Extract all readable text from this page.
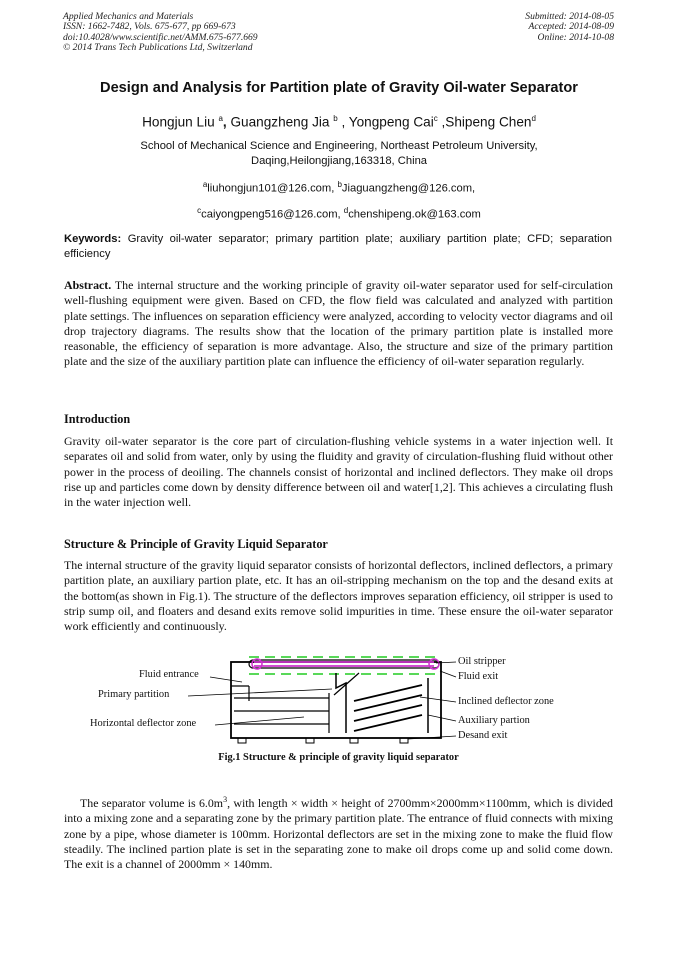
Applied Mechanics and Materials
ISSN: 1662-7482, Vols. 675-677, pp 669-673
doi:10.4028/www.scientific.net/AMM.675-677.669
© 2014 Trans Tech Publications Ltd, Switzerland
Submitted: 2014-08-05
Accepted: 2014-08-09
Online: 2014-10-08
Design and Analysis for Partition plate of Gravity Oil-water Separator
Hongjun Liu $^a$, Guangzheng Jia $^b$ , Yongpeng Cai$^c$ ,Shipeng Chen$^d$
School of Mechanical Science and Engineering, Northeast Petroleum University,
Daqing,Heilongjiang,163318, China
$^a$liuhongjun101@126.com, $^b$Jiaguangzheng@126.com,
$^c$caiyongpeng516@126.com, $^d$chenshipeng.ok@163.com
Keywords: Gravity oil-water separator; primary partition plate; auxiliary partition plate; CFD; separation efficiency
Abstract. The internal structure and the working principle of gravity oil-water separator used for self-circulation well-flushing equipment were given. Based on CFD, the flow field was calculated and analyzed with partition plate settings. The influences on separation efficiency were analyzed, according to velocity vector diagrams and oil drop trajectory diagrams. The results show that the location of the primary partition plate is installed more reasonable, the efficiency of separation is more advantage. Also, the structure and size of the primary partition plate and the size of the auxiliary partition plate can influence the efficiency of oil-water separation regularly.
Introduction
Gravity oil-water separator is the core part of circulation-flushing vehicle systems in a water injection well. It separates oil and solid from water, only by using the fluidity and gravity of circulation-flushing fluid without other power in the process of deoiling. The channels consist of horizontal and inclined deflectors. They make oil drops rise up and particles come down by density difference between oil and water[1,2]. This achieves a circulating flush in the water injection well.
Structure & Principle of Gravity Liquid Separator
The internal structure of the gravity liquid separator consists of horizontal deflectors, inclined deflectors, a primary partition plate, an auxiliary partion plate, etc. It has an oil-stripping mechanism on the top and the desand exits at the bottom(as shown in Fig.1). The structure of the deflectors improves separation efficiency, oil stripper is used to strip sump oil, and floaters and desand exits remove solid impurities in time. These ensure the oil-water separator work efficiently and continuously.
Fluid entrance
Primary partition
Horizontal deflector zone
Oil stripper
Fluid exit
Inclined deflector zone
Auxiliary partion
Desand exit
Fig.1 Structure & principle of gravity liquid separator
The separator volume is $6.0m^3$, with length × width × height of 2700mm×2000mm×1100mm, which is divided into a mixing zone and a separating zone by the primary partition plate. The entrance of fluid connects with mixing zone by a pipe, whose diameter is 100mm. Horizontal deflectors are set in the mixing zone to make the fluid flow steadily. The inclined partion plate is set in the separating zone to make oil drops come up and solid come down. The exit is a channel of 2000mm × 140mm.
